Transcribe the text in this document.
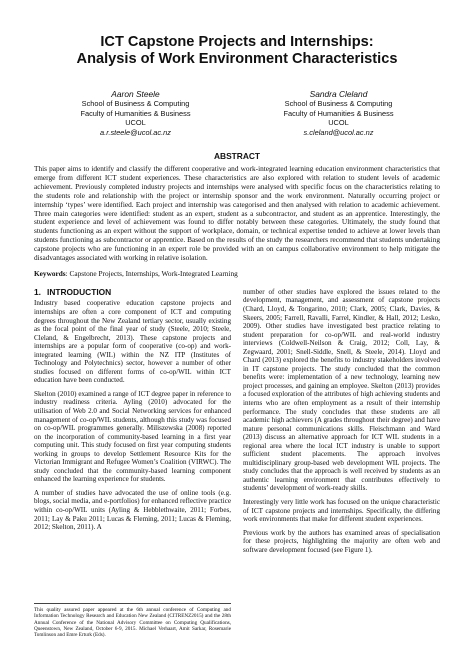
ICT Capstone Projects and Internships:
Analysis of Work Environment Characteristics
Aaron Steele
School of Business & Computing
Faculty of Humanities & Business
UCOL
a.r.steele@ucol.ac.nz
Sandra Cleland
School of Business & Computing
Faculty of Humanities & Business
UCOL
s.cleland@ucol.ac.nz
ABSTRACT

This paper aims to identify and classify the different cooperative and work-integrated learning education environment characteristics that emerge from different ICT student experiences. These characteristics are also explored with relation to student levels of academic achievement. Previously completed industry projects and internships were analysed with specific focus on the characteristics relating to the students role and relationship with the project or internship sponsor and the work environment. Naturally occurring project or internship ‘types’ were identified. Each project and internship was categorised and then analysed with relation to academic achievement. Three main categories were identified: student as an expert, student as a subcontractor, and student as an apprentice. Interestingly, the student experience and level of achievement was found to differ notably between these categories. Ultimately, the study found that students functioning as an expert without the support of workplace, domain, or technical expertise tended to achieve at lower levels than students functioning as subcontractor or apprentice. Based on the results of the study the researchers recommend that students undertaking capstone projects who are functioning in an expert role be provided with an on campus collaborative environment to help mitigate the disadvantages associated with working in relative isolation.

Keywords: Capstone Projects, Internships, Work-Integrated Learning

1. INTRODUCTION

Industry based cooperative education capstone projects and internships are often a core component of ICT and computing degrees throughout the New Zealand tertiary sector, usually existing as the focal point of the final year of study (Steele, 2010; Steele, Cleland, & Engelbrecht, 2013). These capstone projects and internships are a popular form of cooperative (co-op) and work-integrated learning (WIL) within the NZ ITP (Institutes of Technology and Polytechnics) sector, however a number of other studies focused on different forms of co-op/WIL within ICT education have been conducted.

Skelton (2010) examined a range of ICT degree paper in reference to industry readiness criteria. Ayling (2010) advocated for the utilisation of Web 2.0 and Social Networking services for enhanced management of co-op/WIL students, although this study was focused on co-op/WIL programmes generally. Miliszewska (2008) reported on the incorporation of community-based learning in a first year computing unit. This study focused on first year computing students working in groups to develop Settlement Resource Kits for the Victorian Immigrant and Refugee Women’s Coalition (VIRWC). The study concluded that the community-based learning component enhanced the learning experience for students.

A number of studies have advocated the use of online tools (e.g. blogs, social media, and e-portfolios) for enhanced reflective practice within co-op/WIL units (Ayling & Hebblethwaite, 2011; Forbes, 2011; Lay & Paku 2011; Lucas & Fleming, 2011; Lucas & Fleming, 2012; Skelton, 2011). A

number of other studies have explored the issues related to the development, management, and assessment of capstone projects (Chard, Lloyd, & Tongarino, 2010; Clark, 2005; Clark, Davies, & Skeers, 2005; Farrell, Ravalli, Farrel, Kindler, & Hall, 2012; Lesko, 2009). Other studies have investigated best practice relating to student preparation for co-op/WIL and real-world industry interviews (Coldwell-Neilson & Craig, 2012; Coll, Lay, & Zegwaard, 2001; Snell-Siddle, Snell, & Steele, 2014). Lloyd and Chard (2013) explored the benefits to industry stakeholders involved in IT capstone projects. The study concluded that the common benefits were: implementation of a new technology, learning new project processes, and gaining an employee. Skelton (2013) provides a focused exploration of the attributes of high achieving students and interns who are often employment as a result of their internship performance. The study concludes that these students are all academic high achievers (A grades throughout their degree) and have mature personal communications skills. Fleischmann and Ward (2013) discuss an alternative approach for ICT WIL students in a regional area where the local ICT industry is unable to support sufficient student placements. The approach involves multidisciplinary group-based web development WIL projects. The study concludes that the approach is well received by students as an authentic learning environment that contributes effectively to students’ development of work-ready skills.

Interestingly very little work has focused on the unique characteristic of ICT capstone projects and internships. Specifically, the differing work environments that make for different student experiences.

Previous work by the authors has examined areas of specialisation for these projects, highlighting the majority are often web and software development focused (see Figure 1).

This quality assured paper appeared at the 6th annual conference of Computing and Information Technology Research and Education New Zealand (CITRENZ2015) and the 28th Annual Conference of the National Advisory Committee on Computing Qualifications, Queenstown, New Zealand, October 6-9, 2015. Michael Verhaart, Amit Sarkar, Rosemarie Tomlinson and Emre Erturk (Eds).
